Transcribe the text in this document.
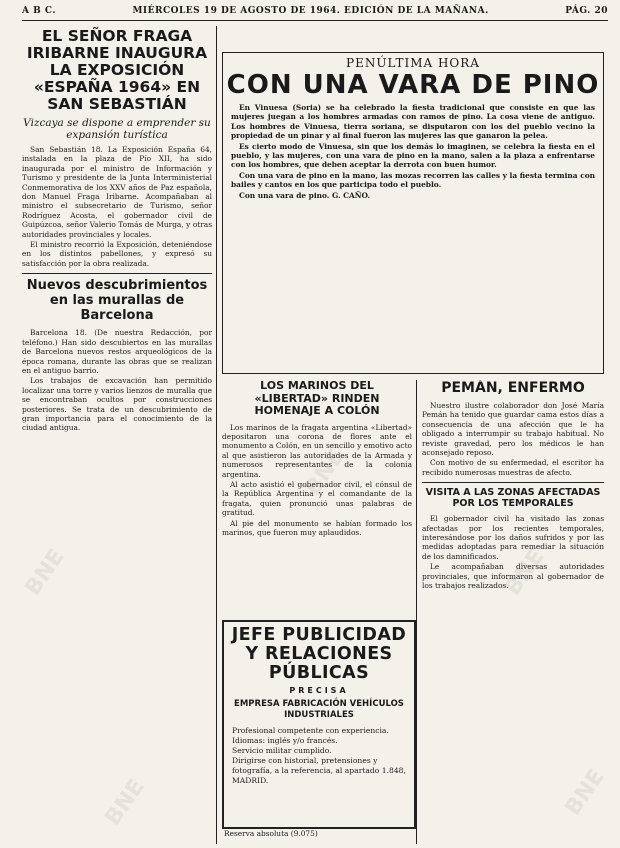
A B C.	MIÉRCOLES 19 DE AGOSTO DE 1964. EDICIÓN DE LA MAÑANA.	PÁG. 20
EL SEÑOR FRAGA IRIBARNE INAUGURA LA EXPOSICIÓN «ESPAÑA 1964» EN SAN SEBASTIÁN
Vizcaya se dispone a emprender su expansión turística

San Sebastián 18. La Exposición España 64, instalada en la plaza de Pío XII, ha sido inaugurada por el ministro de Información y Turismo y presidente de la Junta Interministerial Conmemorativa de los XXV años de Paz española, don Manuel Fraga Iribarne. Acompañaban al ministro el subsecretario de Turismo, señor Rodríguez Acosta, el gobernador civil de Guipúzcoa, señor Valerio Tomás de Murga, y otras autoridades provinciales y locales.

El ministro recorrió la Exposición, deteniéndose en los distintos pabellones, y expresó su satisfacción por la obra realizada.

Nuevos descubrimientos en las murallas de Barcelona

Barcelona 18. (De nuestra Redacción, por teléfono.) Han sido descubiertos en las murallas de Barcelona nuevos restos arqueológicos de la época romana, durante las obras que se realizan en el antiguo barrio.

Los trabajos de excavación han permitido localizar una torre y varios lienzos de muralla que se encontraban ocultos por construcciones posteriores. Se trata de un descubrimiento de gran importancia para el conocimiento de la ciudad antigua.

PENÚLTIMA HORA
CON UNA VARA DE PINO

En Vinuesa (Soria) se ha celebrado la fiesta tradicional que consiste en que las mujeres juegan a los hombres armadas con ramos de pino. La cosa viene de antiguo. Los hombres de Vinuesa, tierra soriana, se disputaron con los del pueblo vecino la propiedad de un pinar y al final fueron las mujeres las que ganaron la pelea.

Es cierto modo de Vinuesa, sin que los demás lo imaginen, se celebra la fiesta en el pueblo, y las mujeres, con una vara de pino en la mano, salen a la plaza a enfrentarse con los hombres, que deben aceptar la derrota con buen humor.

Con una vara de pino en la mano, las mozas recorren las calles y la fiesta termina con bailes y cantos en los que participa todo el pueblo.

Con una vara de pino. G. CAÑO.

LOS MARINOS DEL «LIBERTAD» RINDEN HOMENAJE A COLÓN

Los marinos de la fragata argentina «Libertad» depositaron una corona de flores ante el monumento a Colón, en un sencillo y emotivo acto al que asistieron las autoridades de la Armada y numerosos representantes de la colonia argentina.

Al acto asistió el gobernador civil, el cónsul de la República Argentina y el comandante de la fragata, quien pronunció unas palabras de gratitud.

Al pie del monumento se habían formado los marinos, que fueron muy aplaudidos.

JEFE PUBLICIDAD Y RELACIONES PÚBLICAS
PRECISA
EMPRESA FABRICACIÓN VEHÍCULOS INDUSTRIALES

Profesional competente con experiencia.

Idiomas: inglés y/o francés.

Servicio militar cumplido.

Dirigirse con historial, pretensiones y fotografía, a la referencia, al apartado 1.848, MADRID.

Reserva absoluta (9.075)
PEMÁN, ENFERMO

Nuestro ilustre colaborador don José María Pemán ha tenido que guardar cama estos días a consecuencia de una afección que le ha obligado a interrumpir su trabajo habitual. No reviste gravedad, pero los médicos le han aconsejado reposo.

Con motivo de su enfermedad, el escritor ha recibido numerosas muestras de afecto.

VISITA A LAS ZONAS AFECTADAS POR LOS TEMPORALES

El gobernador civil ha visitado las zonas afectadas por los recientes temporales, interesándose por los daños sufridos y por las medidas adoptadas para remediar la situación de los damnificados.

Le acompañaban diversas autoridades provinciales, que informaron al gobernador de los trabajos realizados.

BNE
BNE
BNE
BNE	BNE
